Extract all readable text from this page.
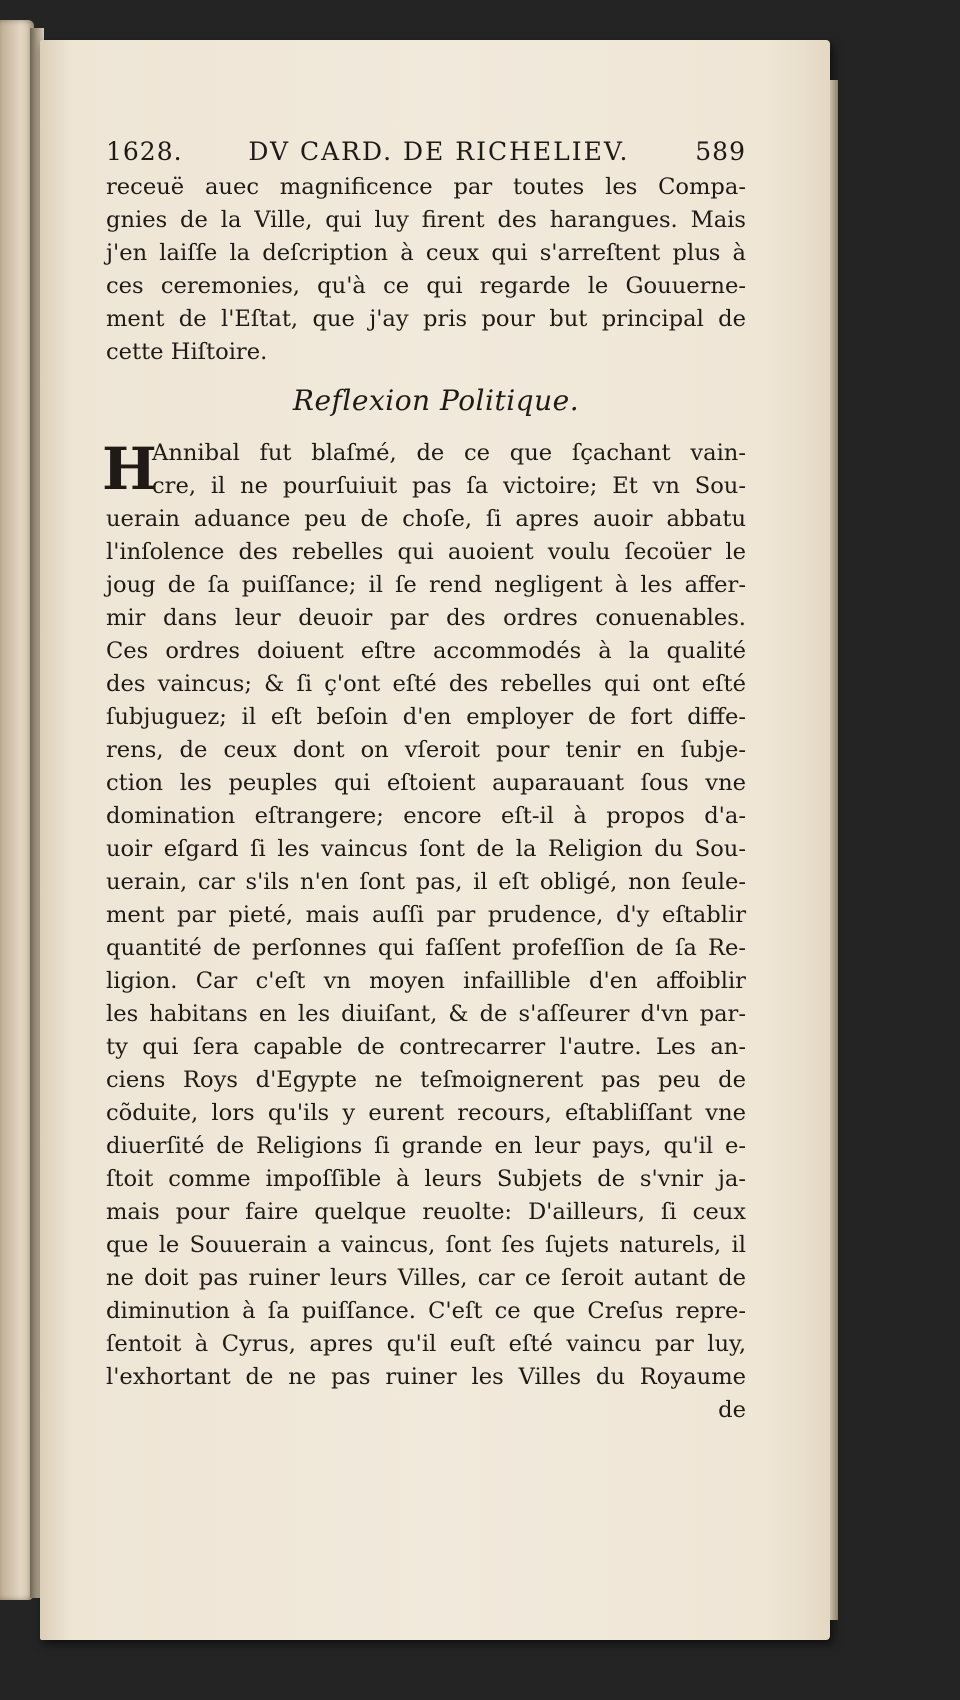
1628.	DV CARD. DE RICHELIEV.	589
receuë auec magnificence par toutes les Compa-
gnies de la Ville, qui luy firent des harangues. Mais
j'en laiſſe la deſcription à ceux qui s'arreſtent plus à
ces ceremonies, qu'à ce qui regarde le Gouuerne-
ment de l'Eſtat, que j'ay pris pour but principal de
cette Hiſtoire.
Reflexion Politique.
H
Annibal fut blaſmé, de ce que ſçachant vain-
cre, il ne pourſuiuit pas ſa victoire; Et vn Sou-
uerain aduance peu de choſe, ſi apres auoir abbatu
l'inſolence des rebelles qui auoient voulu ſecoüer le
joug de ſa puiſſance; il ſe rend negligent à les affer-
mir dans leur deuoir par des ordres conuenables.
Ces ordres doiuent eſtre accommodés à la qualité
des vaincus; & ſi ç'ont eſté des rebelles qui ont eſté
ſubjuguez; il eſt beſoin d'en employer de fort diffe-
rens, de ceux dont on vſeroit pour tenir en ſubje-
ction les peuples qui eſtoient auparauant ſous vne
domination eſtrangere; encore eſt-il à propos d'a-
uoir eſgard ſi les vaincus ſont de la Religion du Sou-
uerain, car s'ils n'en ſont pas, il eſt obligé, non ſeule-
ment par pieté, mais auſſi par prudence, d'y eſtablir
quantité de perſonnes qui faſſent profeſſion de ſa Re-
ligion. Car c'eſt vn moyen infaillible d'en affoiblir
les habitans en les diuiſant, & de s'aſſeurer d'vn par-
ty qui ſera capable de contrecarrer l'autre. Les an-
ciens Roys d'Egypte ne teſmoignerent pas peu de
cõduite, lors qu'ils y eurent recours, eſtabliſſant vne
diuerſité de Religions ſi grande en leur pays, qu'il e-
ſtoit comme impoſſible à leurs Subjets de s'vnir ja-
mais pour faire quelque reuolte: D'ailleurs, ſi ceux
que le Souuerain a vaincus, ſont ſes ſujets naturels, il
ne doit pas ruiner leurs Villes, car ce ſeroit autant de
diminution à ſa puiſſance. C'eſt ce que Creſus repre-
ſentoit à Cyrus, apres qu'il euſt eſté vaincu par luy,
l'exhortant de ne pas ruiner les Villes du Royaume
de
